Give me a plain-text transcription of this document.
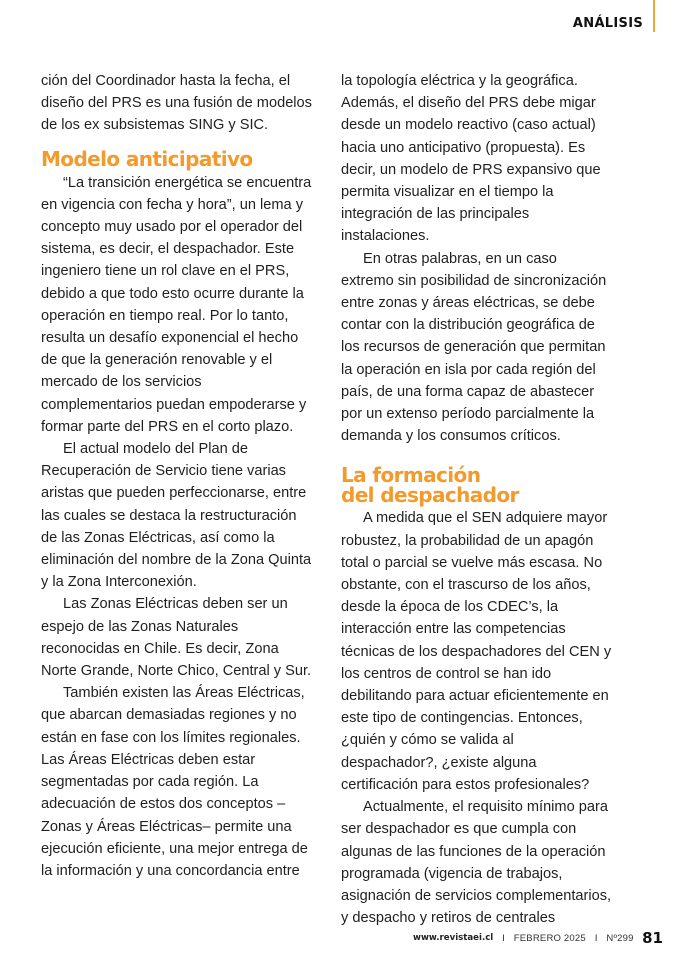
ANÁLISIS

ción del Coordinador hasta la fecha, el diseño del PRS es una fusión de modelos de los ex subsistemas SING y SIC.

Modelo anticipativo

“La transición energética se encuentra en vigencia con fecha y hora”, un lema y concepto muy usado por el operador del sistema, es decir, el despachador. Este ingeniero tiene un rol clave en el PRS, debido a que todo esto ocurre durante la operación en tiempo real. Por lo tanto, resulta un desafío exponencial el hecho de que la generación renovable y el mercado de los servicios complementarios puedan empoderarse y formar parte del PRS en el corto plazo.

El actual modelo del Plan de Recuperación de Servicio tiene varias aristas que pueden perfeccionarse, entre las cuales se destaca la restructuración de las Zonas Eléctricas, así como la eliminación del nombre de la Zona Quinta y la Zona Interconexión.

Las Zonas Eléctricas deben ser un espejo de las Zonas Naturales reconocidas en Chile. Es decir, Zona Norte Grande, Norte Chico, Central y Sur.

También existen las Áreas Eléctricas, que abarcan demasiadas regiones y no están en fase con los límites regionales. Las Áreas Eléctricas deben estar segmentadas por cada región. La adecuación de estos dos conceptos –Zonas y Áreas Eléctricas– permite una ejecución eficiente, una mejor entrega de la información y una concordancia entre

la topología eléctrica y la geográfica. Además, el diseño del PRS debe migar desde un modelo reactivo (caso actual) hacia uno anticipativo (propuesta). Es decir, un modelo de PRS expansivo que permita visualizar en el tiempo la integración de las principales instalaciones.

En otras palabras, en un caso extremo sin posibilidad de sincronización entre zonas y áreas eléctricas, se debe contar con la distribución geográfica de los recursos de generación que permitan la operación en isla por cada región del país, de una forma capaz de abastecer por un extenso período parcialmente la demanda y los consumos críticos.

La formación
del despachador

A medida que el SEN adquiere mayor robustez, la probabilidad de un apagón total o parcial se vuelve más escasa. No obstante, con el trascurso de los años, desde la época de los CDEC’s, la interacción entre las competencias técnicas de los despachadores del CEN y los centros de control se han ido debilitando para actuar eficientemente en este tipo de contingencias. Entonces, ¿quién y cómo se valida al despachador?, ¿existe alguna certificación para estos profesionales?

Actualmente, el requisito mínimo para ser despachador es que cumpla con algunas de las funciones de la operación programada (vigencia de trabajos, asignación de servicios complementarios, y despacho y retiros de centrales

www.revistaei.cl I FEBRERO 2025 I Nº299 81
